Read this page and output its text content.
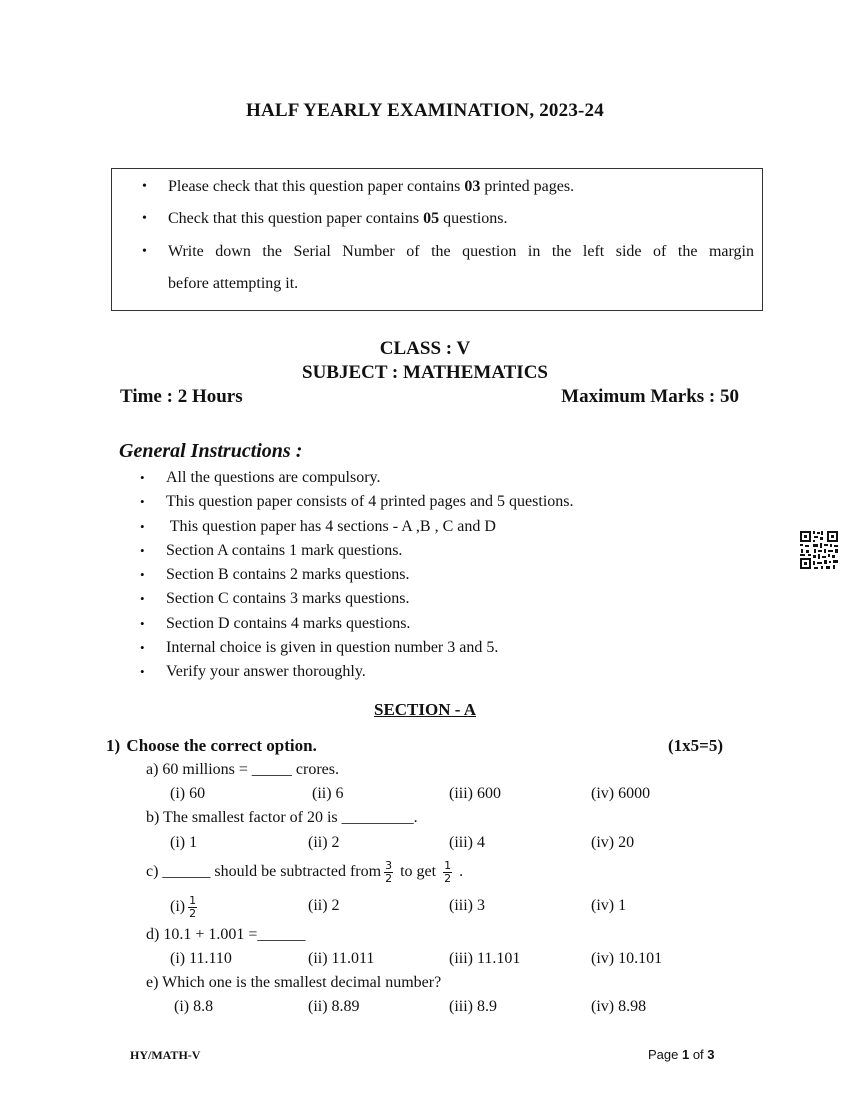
HALF YEARLY EXAMINATION, 2023-24
• Please check that this question paper contains 03 printed pages.
• Check that this question paper contains 05 questions.
• Write down the Serial Number of the question in the left side of the margin
before attempting it.
CLASS : V
SUBJECT : MATHEMATICS
Time : 2 Hours	Maximum Marks : 50
General Instructions :
• All the questions are compulsory.
• This question paper consists of 4 printed pages and 5 questions.
• This question paper has 4 sections - A ,B , C and D
• Section A contains 1 mark questions.
• Section B contains 2 marks questions.
• Section C contains 3 marks questions.
• Section D contains 4 marks questions.
• Internal choice is given in question number 3 and 5.
• Verify your answer thoroughly.
SECTION - A
1) Choose the correct option.	(1x5=5)
a) 60 millions = _____ crores.
(i) 60	(ii) 6	(iii) 600	(iv) 6000
b) The smallest factor of 20 is _________.
(i) 1	(ii) 2	(iii) 4	(iv) 20
c) ______ should be subtracted from $\frac{3}{2}$ to get $\frac{1}{2}$ .
$(i) \frac{1}{2}$	(ii) 2	(iii) 3	(iv) 1
d) 10.1 + 1.001 =______
(i) 11.110	(ii) 11.011	(iii) 11.101	(iv) 10.101
e) Which one is the smallest decimal number?
(i) 8.8	(ii) 8.89	(iii) 8.9	(iv) 8.98
HY/MATH-V	Page 1 of 3
